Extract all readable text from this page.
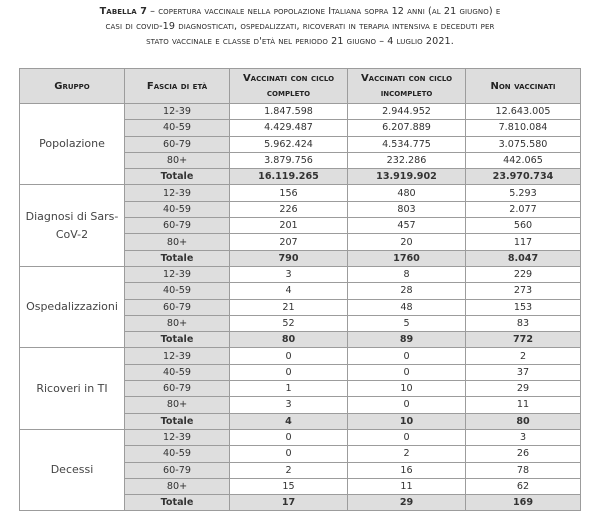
Tabella 7 – copertura vaccinale nella popolazione Italiana sopra 12 anni (al 21 giugno) e
casi di covid-19 diagnosticati, ospedalizzati, ricoverati in terapia intensiva e deceduti per
stato vaccinale e classe d'età nel periodo 21 giugno – 4 luglio 2021.
Gruppo	Fascia di età	Vaccinati con ciclo completo	Vaccinati con ciclo incompleto	Non vaccinati
Popolazione	12-39	1.847.598	2.944.952	12.643.005
	40-59	4.429.487	6.207.889	7.810.084
	60-79	5.962.424	4.534.775	3.075.580
	80+	3.879.756	232.286	442.065
	Totale	16.119.265	13.919.902	23.970.734
Diagnosi di Sars-CoV-2	12-39	156	480	5.293
	40-59	226	803	2.077
	60-79	201	457	560
	80+	207	20	117
	Totale	790	1760	8.047
Ospedalizzazioni	12-39	3	8	229
	40-59	4	28	273
	60-79	21	48	153
	80+	52	5	83
	Totale	80	89	772
Ricoveri in TI	12-39	0	0	2
	40-59	0	0	37
	60-79	1	10	29
	80+	3	0	11
	Totale	4	10	80
Decessi	12-39	0	0	3
	40-59	0	2	26
	60-79	2	16	78
	80+	15	11	62
	Totale	17	29	169
